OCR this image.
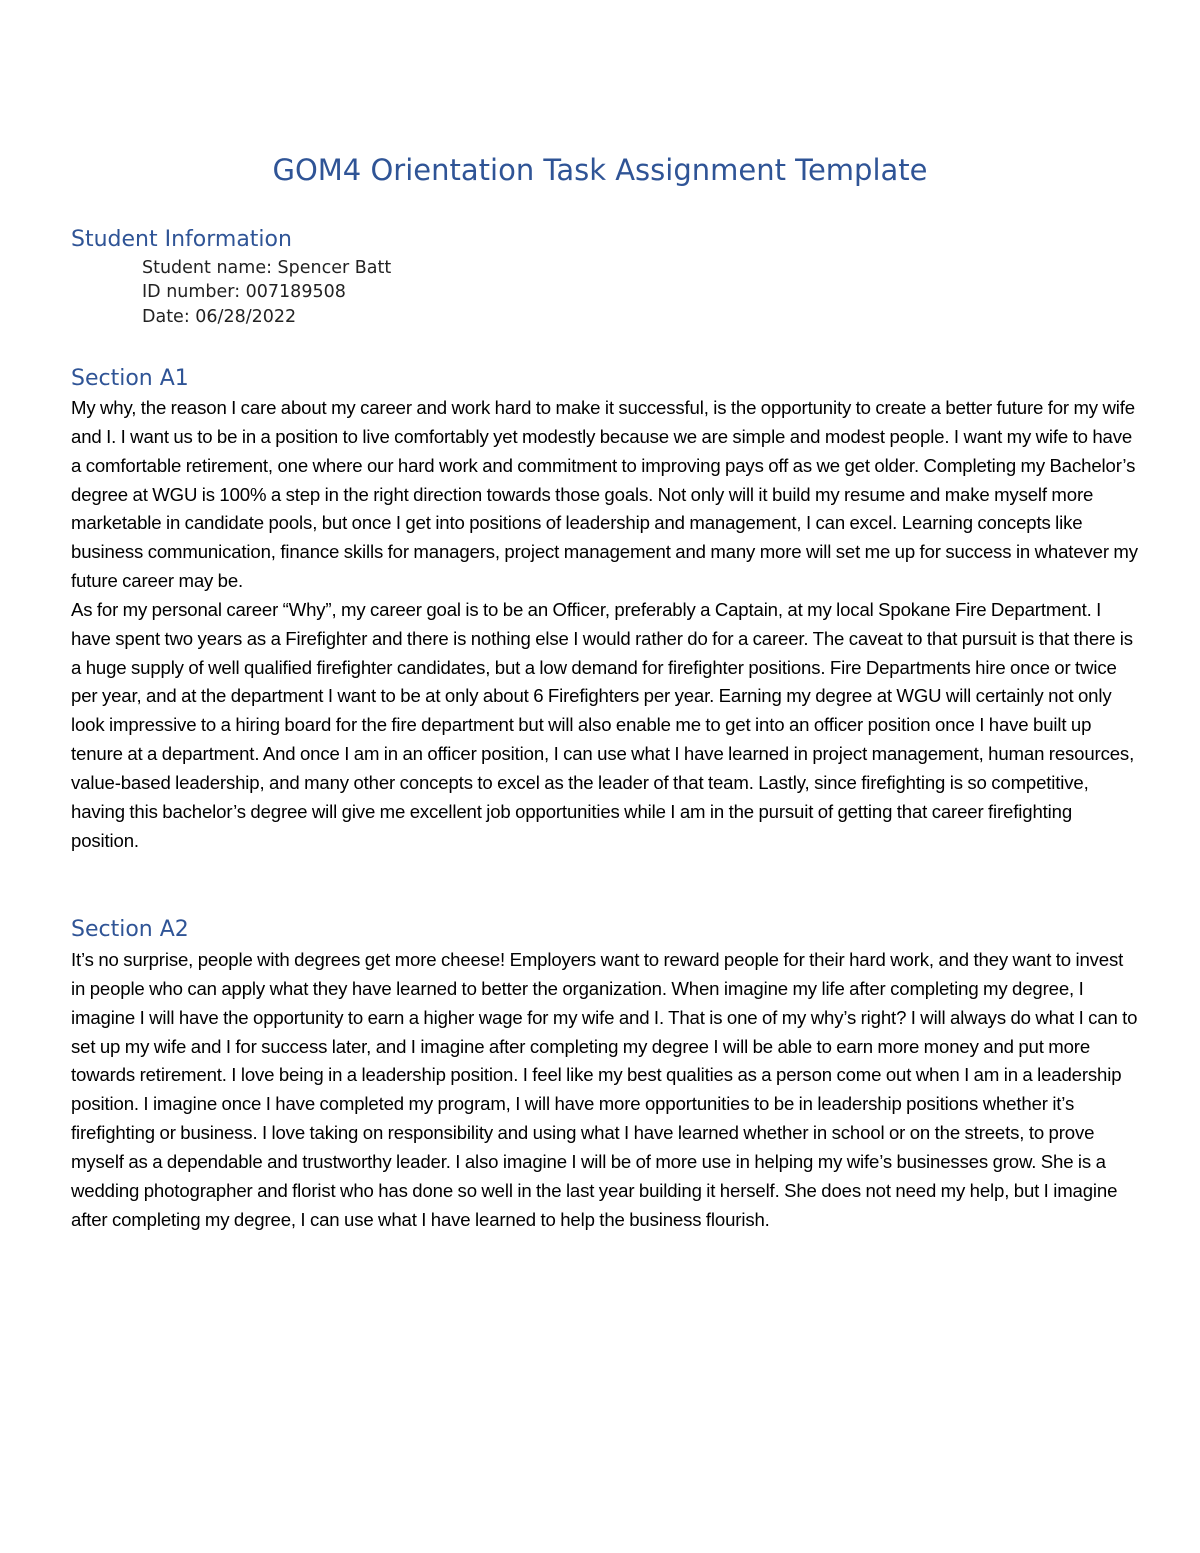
GOM4 Orientation Task Assignment Template
Student Information
Student name: Spencer Batt
ID number: 007189508
Date: 06/28/2022
Section A1

My why, the reason I care about my career and work hard to make it successful, is the opportunity to create a better future for my wife and I. I want us to be in a position to live comfortably yet modestly because we are simple and modest people. I want my wife to have a comfortable retirement, one where our hard work and commitment to improving pays off as we get older. Completing my Bachelor’s degree at WGU is 100% a step in the right direction towards those goals. Not only will it build my resume and make myself more marketable in candidate pools, but once I get into positions of leadership and management, I can excel. Learning concepts like business communication, finance skills for managers, project management and many more will set me up for success in whatever my future career may be.

As for my personal career “Why”, my career goal is to be an Officer, preferably a Captain, at my local Spokane Fire Department. I have spent two years as a Firefighter and there is nothing else I would rather do for a career. The caveat to that pursuit is that there is a huge supply of well qualified firefighter candidates, but a low demand for firefighter positions. Fire Departments hire once or twice per year, and at the department I want to be at only about 6 Firefighters per year. Earning my degree at WGU will certainly not only look impressive to a hiring board for the fire department but will also enable me to get into an officer position once I have built up tenure at a department. And once I am in an officer position, I can use what I have learned in project management, human resources, value-based leadership, and many other concepts to excel as the leader of that team. Lastly, since firefighting is so competitive, having this bachelor’s degree will give me excellent job opportunities while I am in the pursuit of getting that career firefighting position.

Section A2

It’s no surprise, people with degrees get more cheese! Employers want to reward people for their hard work, and they want to invest in people who can apply what they have learned to better the organization. When imagine my life after completing my degree, I imagine I will have the opportunity to earn a higher wage for my wife and I. That is one of my why’s right? I will always do what I can to set up my wife and I for success later, and I imagine after completing my degree I will be able to earn more money and put more towards retirement. I love being in a leadership position. I feel like my best qualities as a person come out when I am in a leadership position. I imagine once I have completed my program, I will have more opportunities to be in leadership positions whether it’s firefighting or business. I love taking on responsibility and using what I have learned whether in school or on the streets, to prove myself as a dependable and trustworthy leader. I also imagine I will be of more use in helping my wife’s businesses grow. She is a wedding photographer and florist who has done so well in the last year building it herself. She does not need my help, but I imagine after completing my degree, I can use what I have learned to help the business flourish.
